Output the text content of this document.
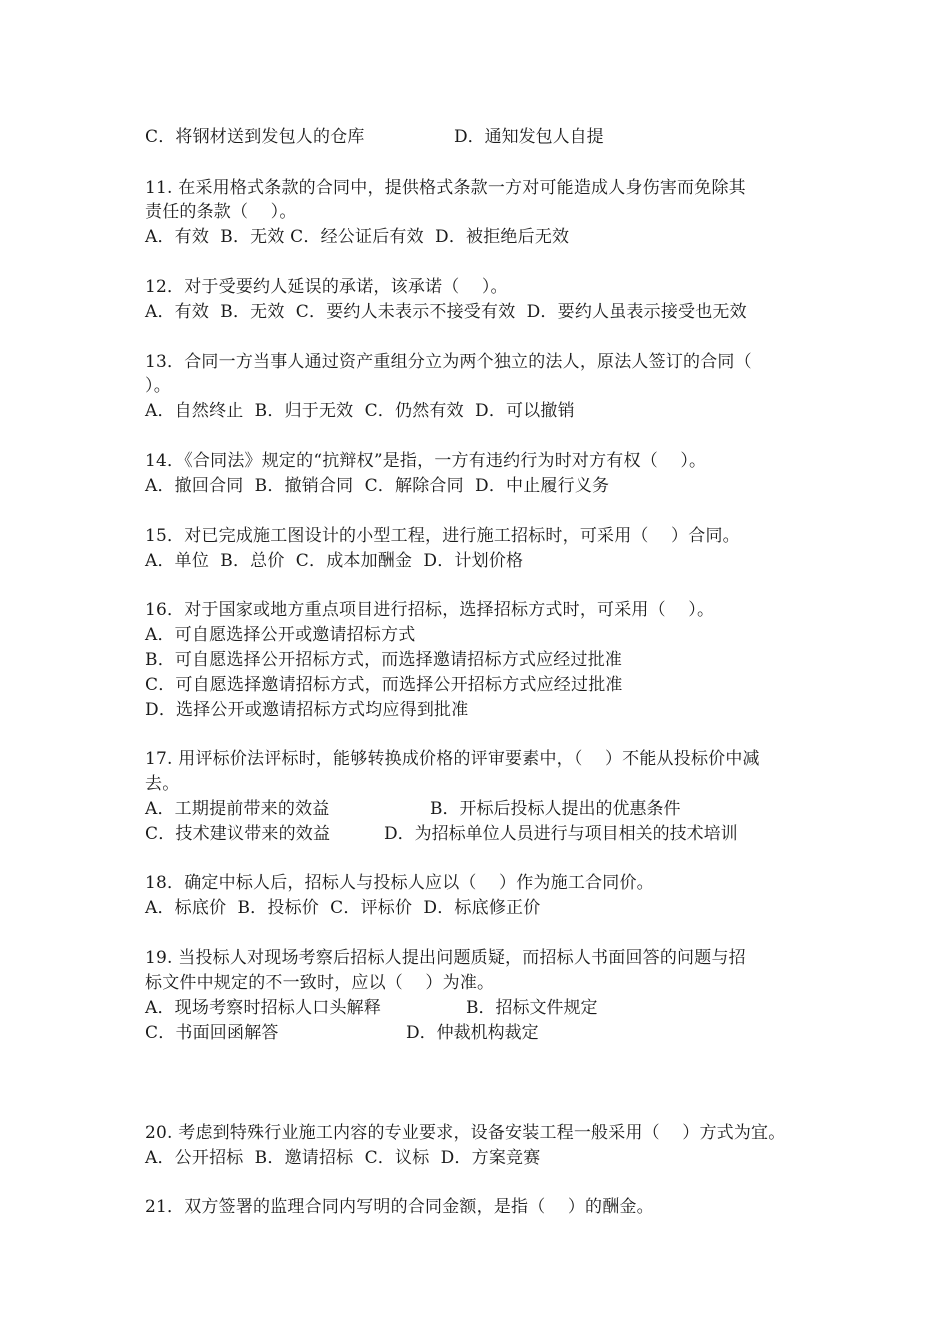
C．将钢材送到发包人的仓库	D．通知发包人自提
11. 在采用格式条款的合同中，提供格式条款一方对可能造成人身伤害而免除其
责任的条款（    ）。
A．有效  B．无效 C．经公证后有效  D．被拒绝后无效
12．对于受要约人延误的承诺，该承诺（    ）。
A．有效  B．无效  C．要约人未表示不接受有效  D．要约人虽表示接受也无效
13．合同一方当事人通过资产重组分立为两个独立的法人，原法人签订的合同（
）。
A．自然终止  B．归于无效  C．仍然有效  D．可以撤销
14．《合同法》规定的“抗辩权”是指，一方有违约行为时对方有权（    ）。
A．撤回合同  B．撤销合同  C．解除合同  D．中止履行义务
15．对已完成施工图设计的小型工程，进行施工招标时，可采用（    ）合同。
A．单位  B．总价  C．成本加酬金  D．计划价格
16．对于国家或地方重点项目进行招标，选择招标方式时，可采用（    ）。
A．可自愿选择公开或邀请招标方式
B．可自愿选择公开招标方式，而选择邀请招标方式应经过批准
C．可自愿选择邀请招标方式，而选择公开招标方式应经过批准
D．选择公开或邀请招标方式均应得到批准
17. 用评标价法评标时，能够转换成价格的评审要素中，（    ）不能从投标价中减
去。
A．工期提前带来的效益	B．开标后投标人提出的优惠条件
C．技术建议带来的效益	D．为招标单位人员进行与项目相关的技术培训
18．确定中标人后，招标人与投标人应以（    ）作为施工合同价。
A．标底价  B．投标价  C．评标价  D．标底修正价
19. 当投标人对现场考察后招标人提出问题质疑，而招标人书面回答的问题与招
标文件中规定的不一致时，应以（    ）为准。
A．现场考察时招标人口头解释	B．招标文件规定
C．书面回函解答	D．仲裁机构裁定
20. 考虑到特殊行业施工内容的专业要求，设备安装工程一般采用（    ）方式为宜。
A．公开招标  B．邀请招标  C．议标  D．方案竞赛
21．双方签署的监理合同内写明的合同金额，是指（    ）的酬金。
